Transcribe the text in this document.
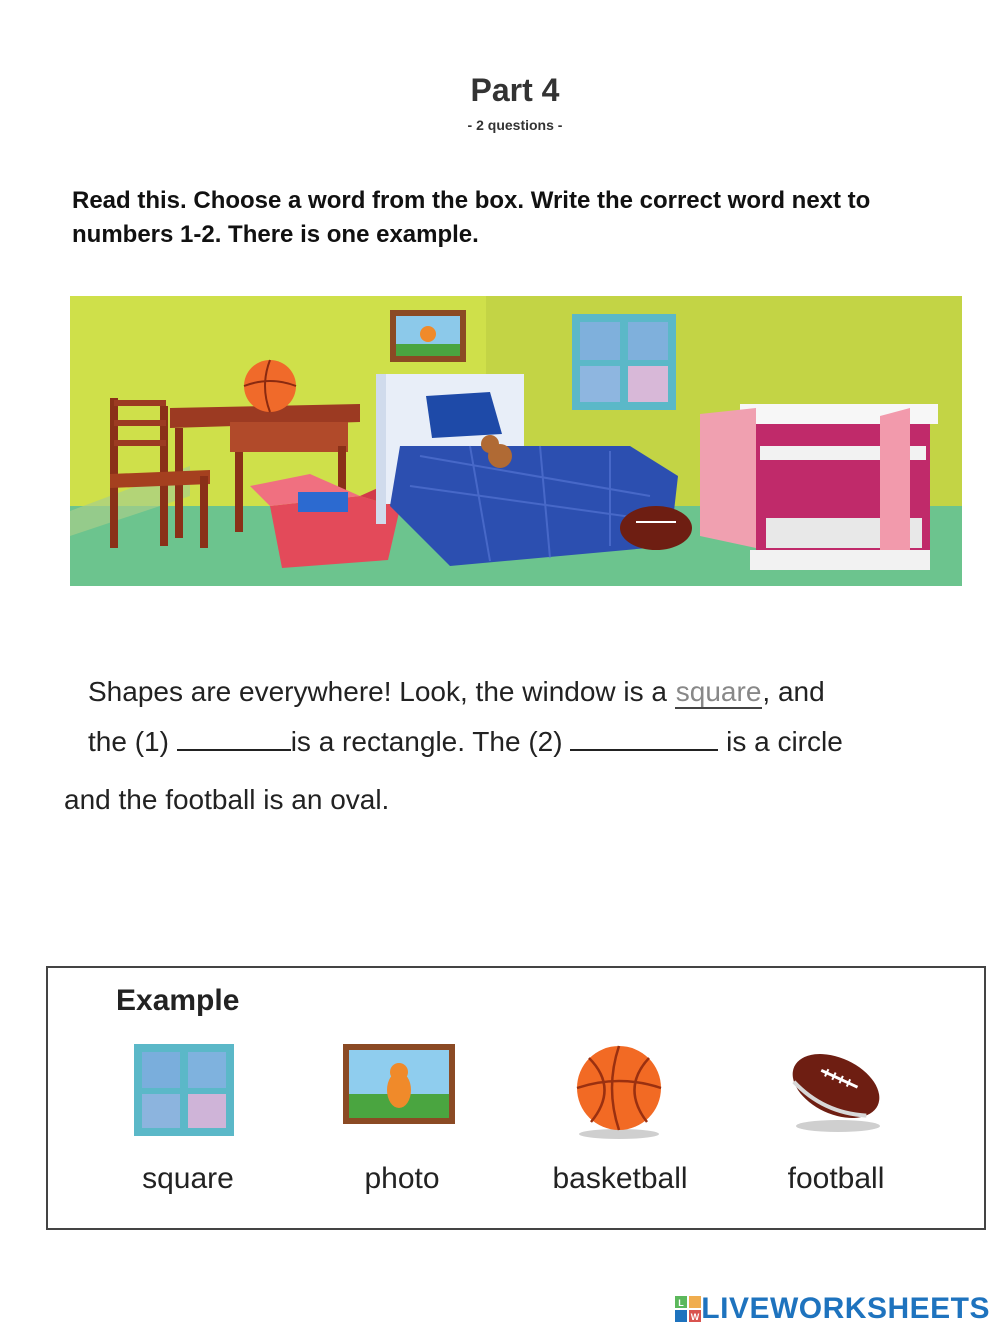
Part 4
- 2 questions -
Read this. Choose a word from the box. Write the correct word next to numbers 1-2. There is one example.
Shapes are everywhere! Look, the window is a square, and
the (1)	is a rectangle. The (2)	is a circle
and the football is an oval.
Example
square	photo	basketball	football
L
W LIVEWORKSHEETS
